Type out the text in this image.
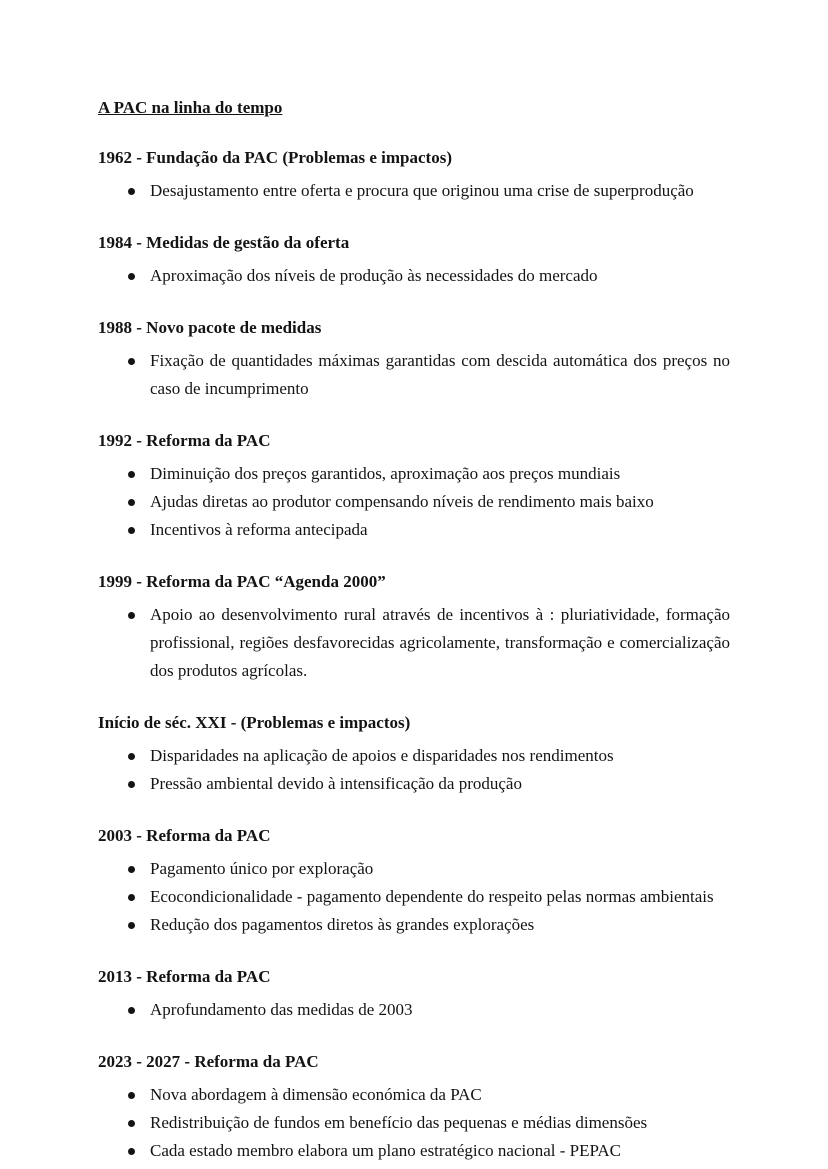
A PAC na linha do tempo
1962 - Fundação da PAC (Problemas e impactos)
Desajustamento entre oferta e procura que originou uma crise de superprodução
1984 - Medidas de gestão da oferta
Aproximação dos níveis de produção às necessidades do mercado
1988 - Novo pacote de medidas
Fixação de quantidades máximas garantidas com descida automática dos preços no caso de incumprimento
1992 - Reforma da PAC
Diminuição dos preços garantidos, aproximação aos preços mundiais
Ajudas diretas ao produtor compensando níveis de rendimento mais baixo
Incentivos à reforma antecipada
1999 - Reforma da PAC “Agenda 2000”
Apoio ao desenvolvimento rural através de incentivos à : pluriatividade, formação profissional, regiões desfavorecidas agricolamente, transformação e comercialização dos produtos agrícolas.
Início de séc. XXI - (Problemas e impactos)
Disparidades na aplicação de apoios e disparidades nos rendimentos
Pressão ambiental devido à intensificação da produção
2003 - Reforma da PAC
Pagamento único por exploração
Ecocondicionalidade - pagamento dependente do respeito pelas normas ambientais
Redução dos pagamentos diretos às grandes explorações
2013 - Reforma da PAC
Aprofundamento das medidas de 2003
2023 - 2027 - Reforma da PAC
Nova abordagem à dimensão económica da PAC
Redistribuição de fundos em benefício das pequenas e médias dimensões
Cada estado membro elabora um plano estratégico nacional - PEPAC
